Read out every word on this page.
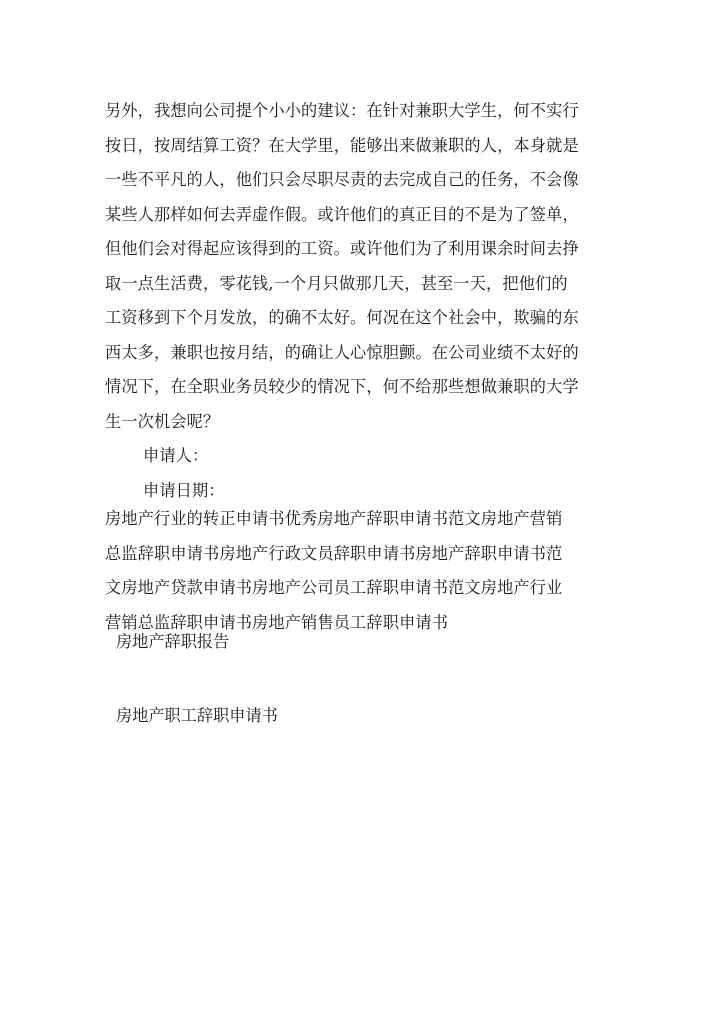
另外，我想向公司提个小小的建议：在针对兼职大学生，何不实行
按日，按周结算工资？在大学里，能够出来做兼职的人，本身就是
一些不平凡的人，他们只会尽职尽责的去完成自己的任务，不会像
某些人那样如何去弄虚作假。或许他们的真正目的不是为了签单，
但他们会对得起应该得到的工资。或许他们为了利用课余时间去挣
取一点生活费，零花钱,一个月只做那几天，甚至一天，把他们的
工资移到下个月发放，的确不太好。何况在这个社会中，欺骗的东
西太多，兼职也按月结，的确让人心惊胆颤。在公司业绩不太好的
情况下，在全职业务员较少的情况下，何不给那些想做兼职的大学
生一次机会呢？
申请人：
申请日期：
房地产行业的转正申请书优秀房地产辞职申请书范文房地产营销
总监辞职申请书房地产行政文员辞职申请书房地产辞职申请书范
文房地产贷款申请书房地产公司员工辞职申请书范文房地产行业
营销总监辞职申请书房地产销售员工辞职申请书
房地产辞职报告
房地产职工辞职申请书
